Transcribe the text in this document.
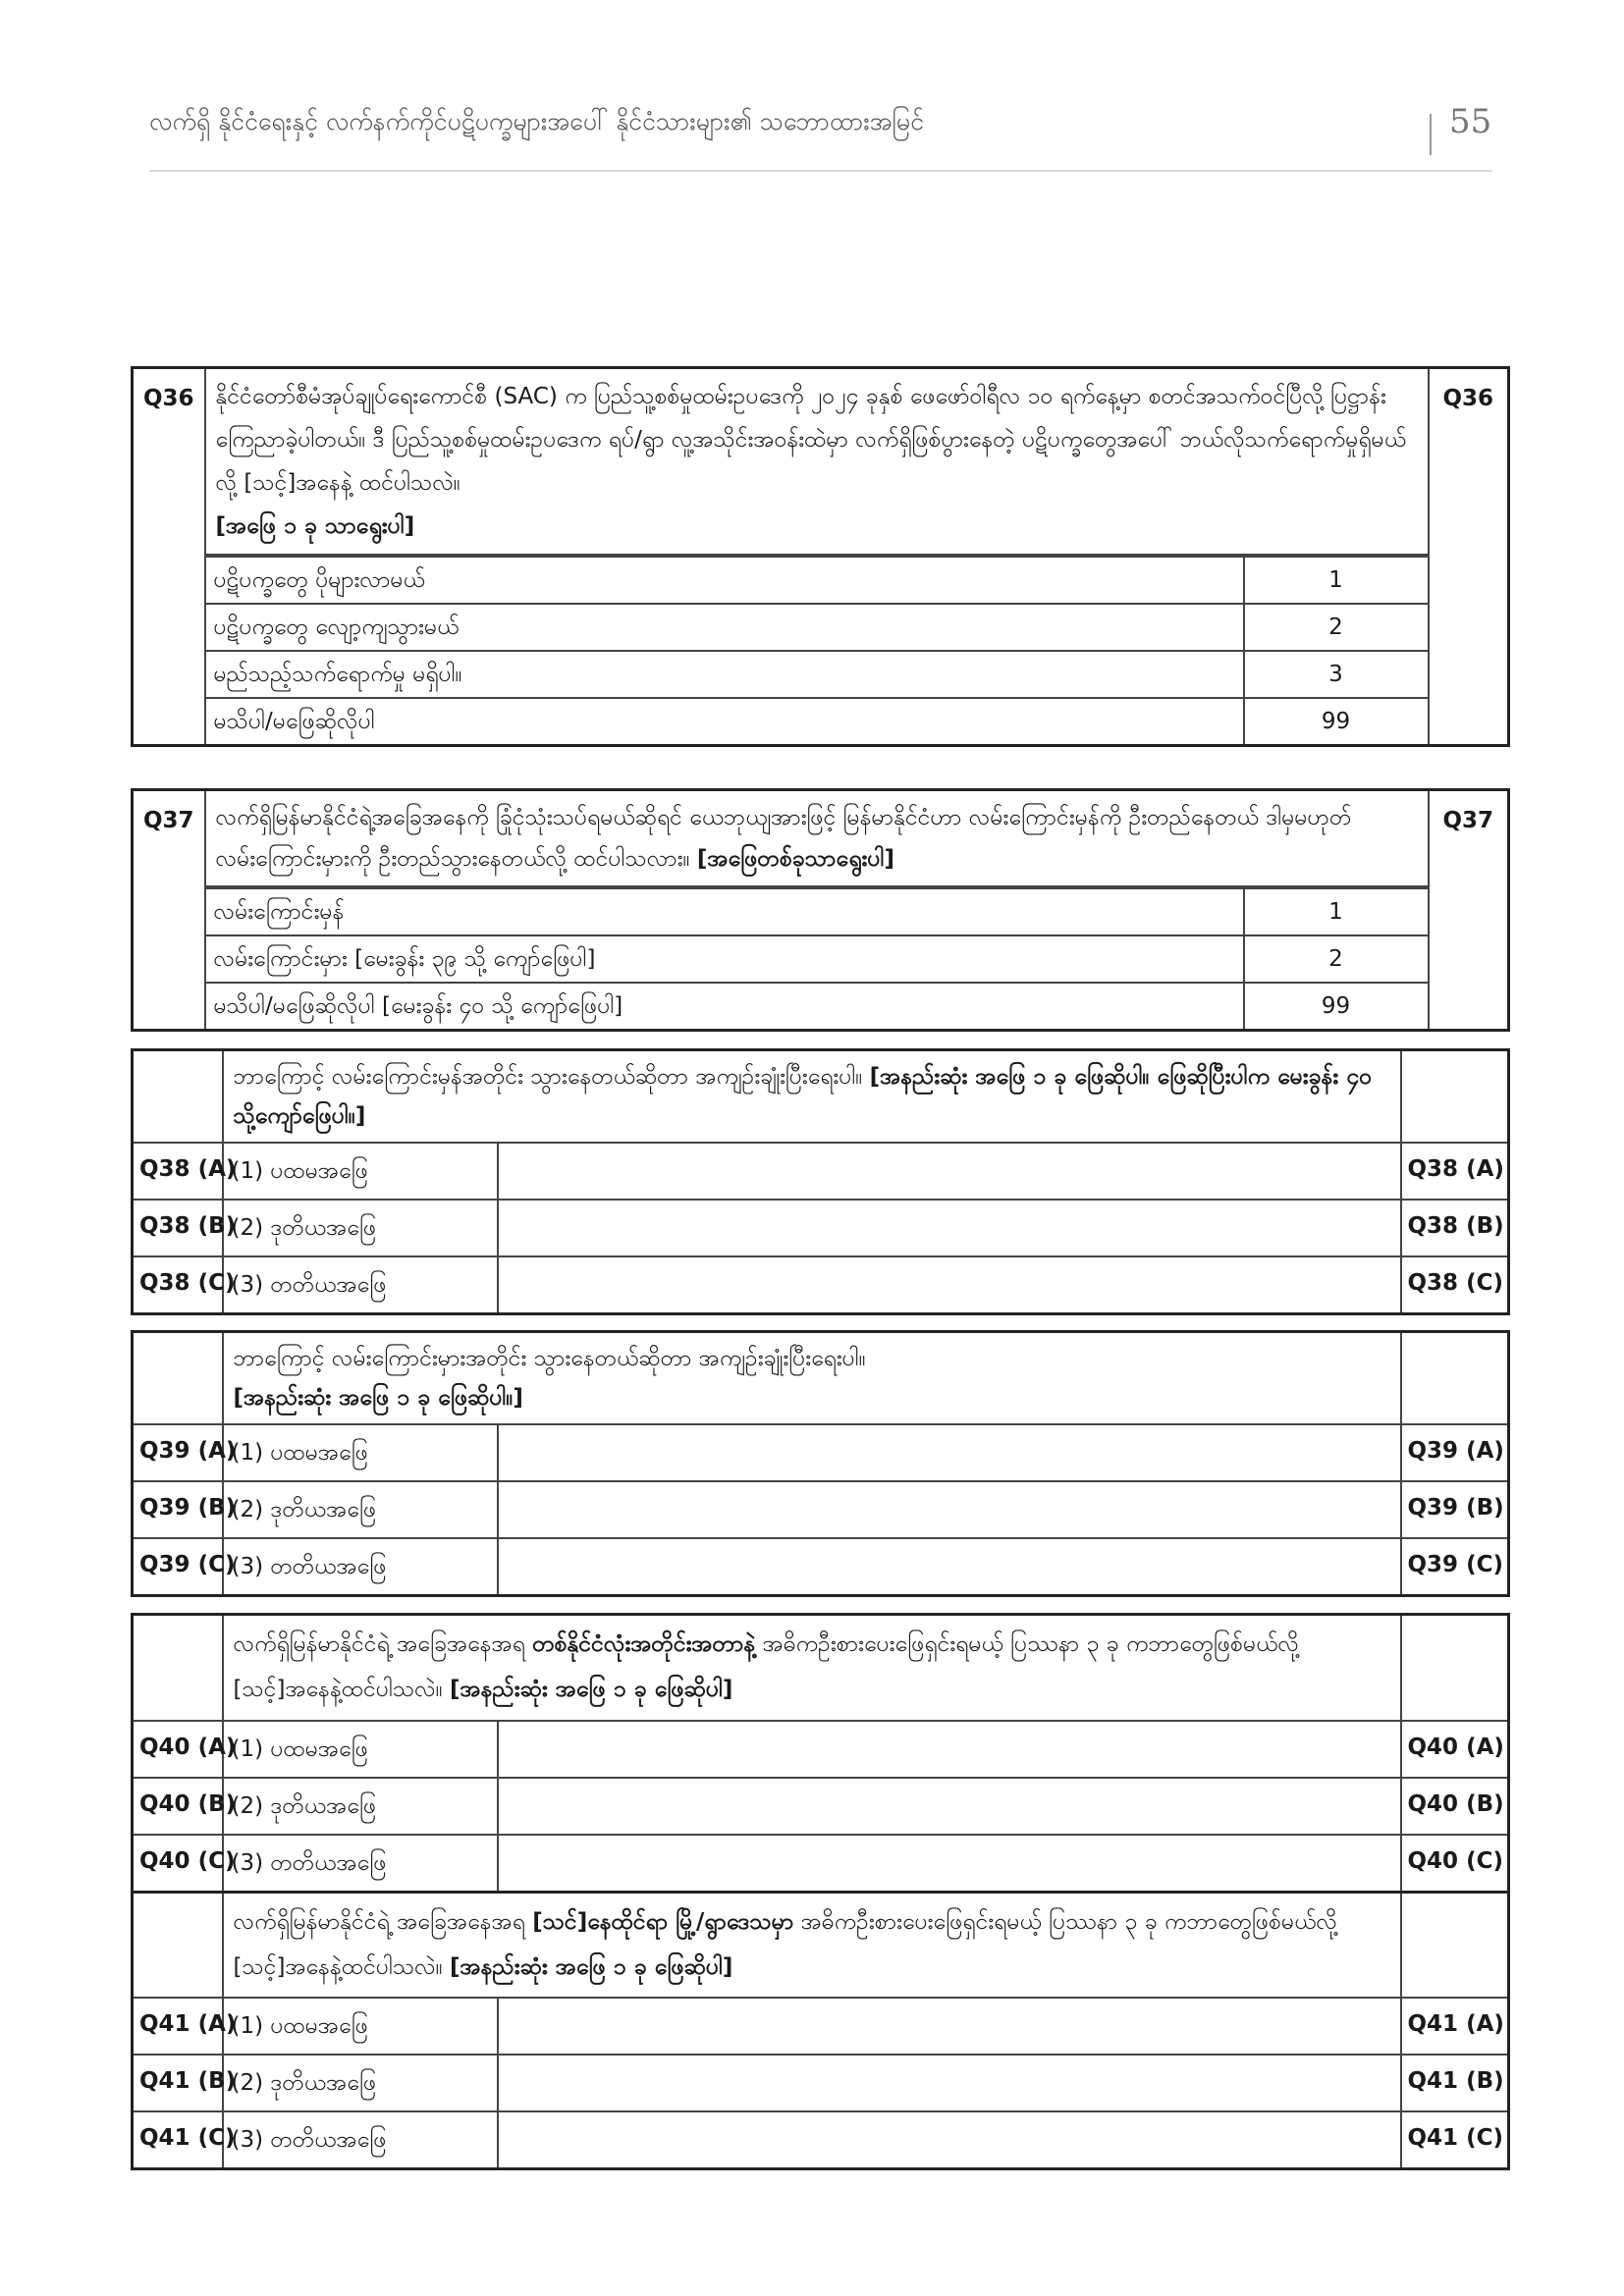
လက်ရှိ နိုင်ငံရေးနှင့် လက်နက်ကိုင်ပဋိပက္ခများအပေါ် နိုင်ငံသားများ၏ သဘောထားအမြင်	55
Q36	နိုင်ငံတော်စီမံအုပ်ချုပ်ရေးကောင်စီ (SAC) က ပြည်သူ့စစ်မှုထမ်းဥပဒေကို ၂၀၂၄ ခုနှစ် ဖေဖော်ဝါရီလ ၁၀ ရက်နေ့မှာ စတင်အသက်ဝင်ပြီလို့ ပြဋ္ဌာန်းကြေညာခဲ့ပါတယ်။ ဒီ ပြည်သူ့စစ်မှုထမ်းဥပဒေက ရပ်/ရွာ လူ့အသိုင်းအဝန်းထဲမှာ လက်ရှိဖြစ်ပွားနေတဲ့ ပဋိပက္ခတွေအပေါ် ဘယ်လိုသက်ရောက်မှုရှိမယ်လို့ [သင့်]အနေနဲ့ ထင်ပါသလဲ။
[အဖြေ ၁ ခု သာရွေးပါ]	Q36

ပဋိပက္ခတွေ ပိုများလာမယ်	1
ပဋိပက္ခတွေ လျော့ကျသွားမယ်	2
မည်သည့်သက်ရောက်မှု မရှိပါ။	3
မသိပါ/မဖြေဆိုလိုပါ	99
Q37	လက်ရှိမြန်မာနိုင်ငံရဲ့အခြေအနေကို ခြုံငုံသုံးသပ်ရမယ်ဆိုရင် ယေဘုယျအားဖြင့် မြန်မာနိုင်ငံဟာ လမ်းကြောင်းမှန်ကို ဦးတည်နေတယ် ဒါမှမဟုတ် လမ်းကြောင်းမှားကို ဦးတည်သွားနေတယ်လို့ ထင်ပါသလား။ [အဖြေတစ်ခုသာရွေးပါ]	Q37

လမ်းကြောင်းမှန်	1
လမ်းကြောင်းမှား [မေးခွန်း ၃၉ သို့ ကျော်ဖြေပါ]	2
မသိပါ/မဖြေဆိုလိုပါ [မေးခွန်း ၄၀ သို့ ကျော်ဖြေပါ]	99
	ဘာကြောင့် လမ်းကြောင်းမှန်အတိုင်း သွားနေတယ်ဆိုတာ အကျဉ်းချုံးပြီးရေးပါ။ [အနည်းဆုံး အဖြေ ၁ ခု ဖြေဆိုပါ။ ဖြေဆိုပြီးပါက မေးခွန်း ၄၀ သို့ကျော်ဖြေပါ။]		
Q38 (A)	(1) ပထမအဖြေ		Q38 (A)
Q38 (B)	(2) ဒုတိယအဖြေ		Q38 (B)
Q38 (C)	(3) တတိယအဖြေ		Q38 (C)
	ဘာကြောင့် လမ်းကြောင်းမှားအတိုင်း သွားနေတယ်ဆိုတာ အကျဉ်းချုံးပြီးရေးပါ။
[အနည်းဆုံး အဖြေ ၁ ခု ဖြေဆိုပါ။]		
Q39 (A)	(1) ပထမအဖြေ		Q39 (A)
Q39 (B)	(2) ဒုတိယအဖြေ		Q39 (B)
Q39 (C)	(3) တတိယအဖြေ		Q39 (C)
	လက်ရှိမြန်မာနိုင်ငံရဲ့ အခြေအနေအရ တစ်နိုင်ငံလုံးအတိုင်းအတာနဲ့ အဓိကဦးစားပေးဖြေရှင်းရမယ့် ပြဿနာ ၃ ခု ကဘာတွေဖြစ်မယ်လို့ [သင့်]အနေနဲ့ထင်ပါသလဲ။ [အနည်းဆုံး အဖြေ ၁ ခု ဖြေဆိုပါ]		
Q40 (A)	(1) ပထမအဖြေ		Q40 (A)
Q40 (B)	(2) ဒုတိယအဖြေ		Q40 (B)
Q40 (C)	(3) တတိယအဖြေ		Q40 (C)
	လက်ရှိမြန်မာနိုင်ငံရဲ့ အခြေအနေအရ [သင်]နေထိုင်ရာ မြို့/ရွာဒေသမှာ အဓိကဦးစားပေးဖြေရှင်းရမယ့် ပြဿနာ ၃ ခု ကဘာတွေဖြစ်မယ်လို့ [သင့်]အနေနဲ့ထင်ပါသလဲ။ [အနည်းဆုံး အဖြေ ၁ ခု ဖြေဆိုပါ]		
Q41 (A)	(1) ပထမအဖြေ		Q41 (A)
Q41 (B)	(2) ဒုတိယအဖြေ		Q41 (B)
Q41 (C)	(3) တတိယအဖြေ		Q41 (C)
